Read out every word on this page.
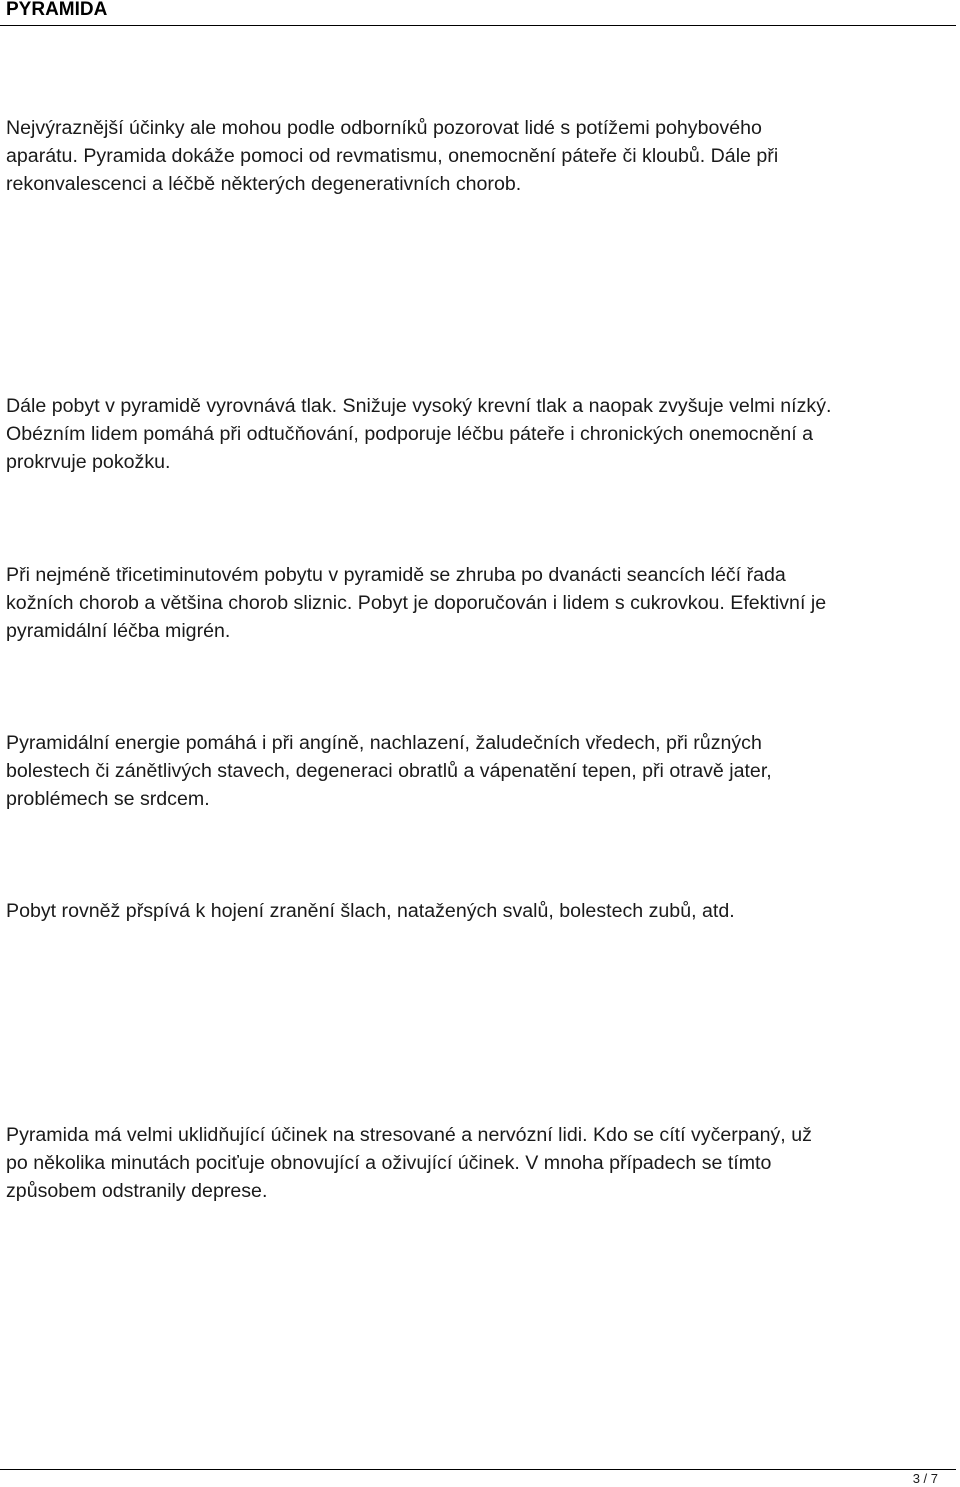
PYRAMIDA

Nejvýraznější účinky ale mohou podle odborníků pozorovat lidé s potížemi pohybového
aparátu. Pyramida dokáže pomoci od revmatismu, onemocnění páteře či kloubů. Dále při
rekonvalescenci a léčbě některých degenerativních chorob.

Dále pobyt v pyramidě vyrovnává tlak. Snižuje vysoký krevní tlak a naopak zvyšuje velmi nízký.
Obézním lidem pomáhá při odtučňování, podporuje léčbu páteře i chronických onemocnění a
prokrvuje pokožku.

Při nejméně třicetiminutovém pobytu v pyramidě se zhruba po dvanácti seancích léčí řada
kožních chorob a většina chorob sliznic. Pobyt je doporučován i lidem s cukrovkou. Efektivní je
pyramidální léčba migrén.

Pyramidální energie pomáhá i při angíně, nachlazení, žaludečních vředech, při různých
bolestech či zánětlivých stavech, degeneraci obratlů a vápenatění tepen, při otravě jater,
problémech se srdcem.

Pobyt rovněž přspívá k hojení zranění šlach, natažených svalů, bolestech zubů, atd.

Pyramida má velmi uklidňující účinek na stresované a nervózní lidi. Kdo se cítí vyčerpaný, už
po několika minutách pociťuje obnovující a oživující účinek. V mnoha případech se tímto
způsobem odstranily deprese.

3 / 7
